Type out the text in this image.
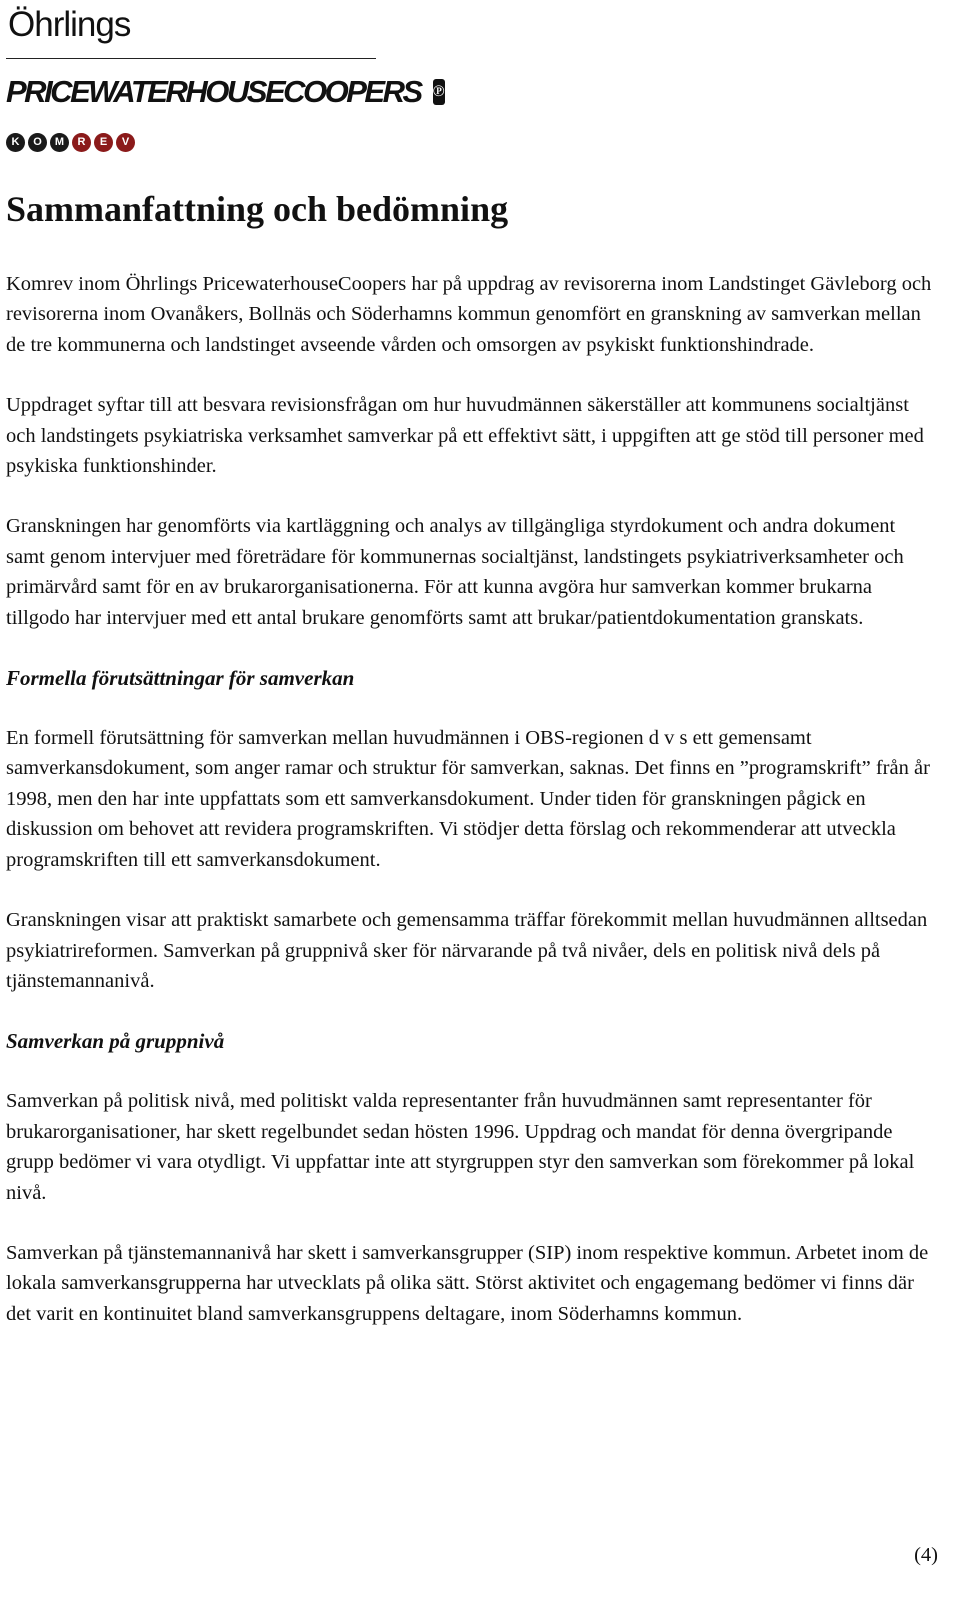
Öhrlings
PRICEWATERHOUSECOOPERS ℗
K	O	M	R	E	V
Sammanfattning och bedömning

Komrev inom Öhrlings PricewaterhouseCoopers har på uppdrag av revisorerna inom Landstinget Gävleborg och revisorerna inom Ovanåkers, Bollnäs och Söderhamns kommun genomfört en granskning av samverkan mellan de tre kommunerna och landstinget avseende vården och omsorgen av psykiskt funktionshindrade.

Uppdraget syftar till att besvara revisionsfrågan om hur huvudmännen säkerställer att kommunens socialtjänst och landstingets psykiatriska verksamhet samverkar på ett effektivt sätt, i uppgiften att ge stöd till personer med psykiska funktionshinder.

Granskningen har genomförts via kartläggning och analys av tillgängliga styrdokument och andra dokument samt genom intervjuer med företrädare för kommunernas socialtjänst, landstingets psykiatriverksamheter och primärvård samt för en av brukarorganisationerna. För att kunna avgöra hur samverkan kommer brukarna tillgodo har intervjuer med ett antal brukare genomförts samt att brukar/patientdokumentation granskats.

Formella förutsättningar för samverkan

En formell förutsättning för samverkan mellan huvudmännen i OBS-regionen d v s ett gemensamt samverkansdokument, som anger ramar och struktur för samverkan, saknas. Det finns en ”programskrift” från år 1998, men den har inte uppfattats som ett samverkansdokument. Under tiden för granskningen pågick en diskussion om behovet att revidera programskriften. Vi stödjer detta förslag och rekommenderar att utveckla programskriften till ett samverkansdokument.

Granskningen visar att praktiskt samarbete och gemensamma träffar förekommit mellan huvudmännen alltsedan psykiatrireformen. Samverkan på gruppnivå sker för närvarande på två nivåer, dels en politisk nivå dels på tjänstemannanivå.

Samverkan på gruppnivå

Samverkan på politisk nivå, med politiskt valda representanter från huvudmännen samt representanter för brukarorganisationer, har skett regelbundet sedan hösten 1996. Uppdrag och mandat för denna övergripande grupp bedömer vi vara otydligt. Vi uppfattar inte att styrgruppen styr den samverkan som förekommer på lokal nivå.

Samverkan på tjänstemannanivå har skett i samverkansgrupper (SIP) inom respektive kommun. Arbetet inom de lokala samverkansgrupperna har utvecklats på olika sätt. Störst aktivitet och engagemang bedömer vi finns där det varit en kontinuitet bland samverkansgruppens deltagare, inom Söderhamns kommun.

(4)
